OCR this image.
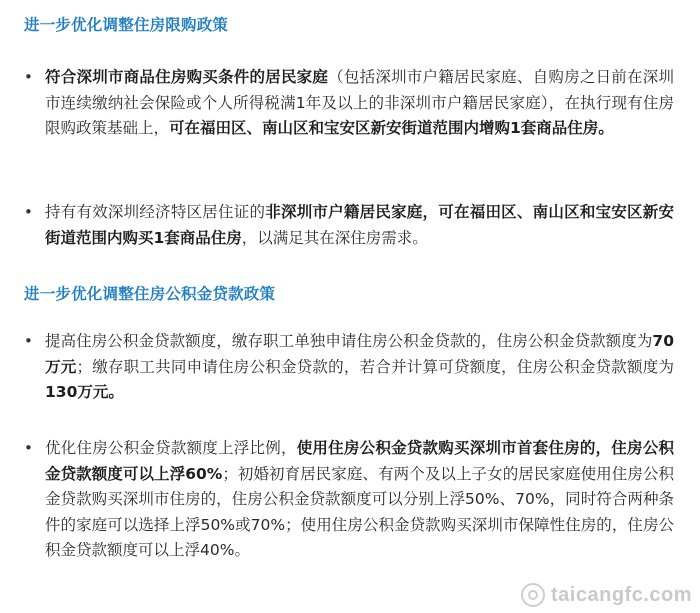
进一步优化调整住房限购政策
• 符合深圳市商品住房购买条件的居民家庭（包括深圳市户籍居民家庭、自购房之日前在深圳市连续缴纳社会保险或个人所得税满1年及以上的非深圳市户籍居民家庭），在执行现有住房限购政策基础上，可在福田区、南山区和宝安区新安街道范围内增购1套商品住房。
• 持有有效深圳经济特区居住证的非深圳市户籍居民家庭，可在福田区、南山区和宝安区新安街道范围内购买1套商品住房，以满足其在深住房需求。
进一步优化调整住房公积金贷款政策
• 提高住房公积金贷款额度，缴存职工单独申请住房公积金贷款的，住房公积金贷款额度为70万元；缴存职工共同申请住房公积金贷款的，若合并计算可贷额度，住房公积金贷款额度为130万元。
• 优化住房公积金贷款额度上浮比例，使用住房公积金贷款购买深圳市首套住房的，住房公积金贷款额度可以上浮60%；初婚初育居民家庭、有两个及以上子女的居民家庭使用住房公积金贷款购买深圳市住房的，住房公积金贷款额度可以分别上浮50%、70%，同时符合两种条件的家庭可以选择上浮50%或70%；使用住房公积金贷款购买深圳市保障性住房的，住房公积金贷款额度可以上浮40%。
taicangfc.com
